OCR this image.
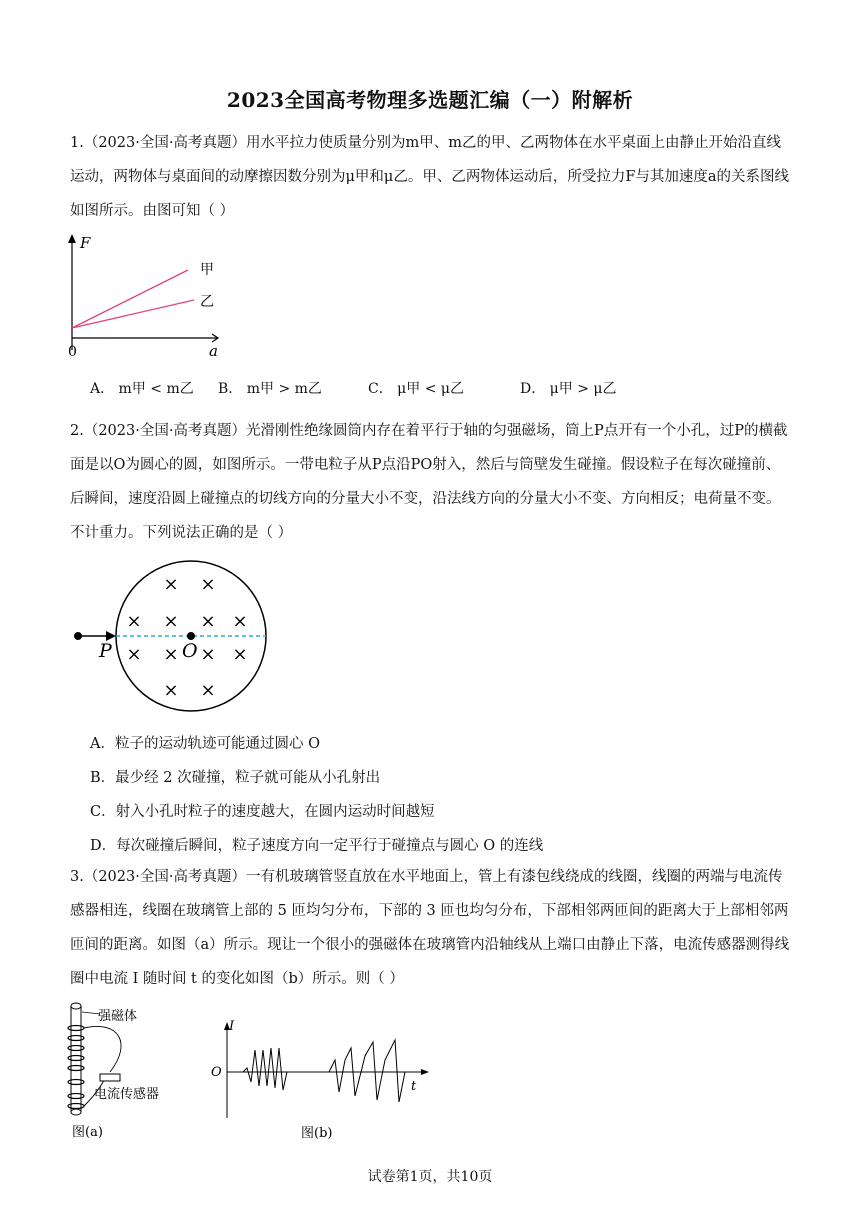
2023全国高考物理多选题汇编（一）附解析
1.（2023·全国·高考真题）用水平拉力使质量分别为m甲、m乙的甲、乙两物体在水平桌面上由静止开始沿直线运动，两物体与桌面间的动摩擦因数分别为μ甲和μ乙。甲、乙两物体运动后，所受拉力F与其加速度a的关系图线如图所示。由图可知（ ）
F
a
0
甲
乙
A． m甲 < m乙 B． m甲 > m乙	C． μ甲 < μ乙	D． μ甲 > μ乙
2.（2023·全国·高考真题）光滑刚性绝缘圆筒内存在着平行于轴的匀强磁场，筒上P点开有一个小孔，过P的横截面是以O为圆心的圆，如图所示。一带电粒子从P点沿PO射入，然后与筒壁发生碰撞。假设粒子在每次碰撞前、后瞬间，速度沿圆上碰撞点的切线方向的分量大小不变，沿法线方向的分量大小不变、方向相反；电荷量不变。不计重力。下列说法正确的是（ ）
× ×
× × × ×
× × × ×
× ×
P	O
A．粒子的运动轨迹可能通过圆心 O
B．最少经 2 次碰撞，粒子就可能从小孔射出
C．射入小孔时粒子的速度越大，在圆内运动时间越短
D．每次碰撞后瞬间，粒子速度方向一定平行于碰撞点与圆心 O 的连线
3.（2023·全国·高考真题）一有机玻璃管竖直放在水平地面上，管上有漆包线绕成的线圈，线圈的两端与电流传感器相连，线圈在玻璃管上部的 5 匝均匀分布，下部的 3 匝也均匀分布，下部相邻两匝间的距离大于上部相邻两匝间的距离。如图（a）所示。现让一个很小的强磁体在玻璃管内沿轴线从上端口由静止下落，电流传感器测得线圈中电流 I 随时间 t 的变化如图（b）所示。则（ ）
强磁体
电流传感器
图(a)
I
t
O
图(b)
试卷第1页，共10页
